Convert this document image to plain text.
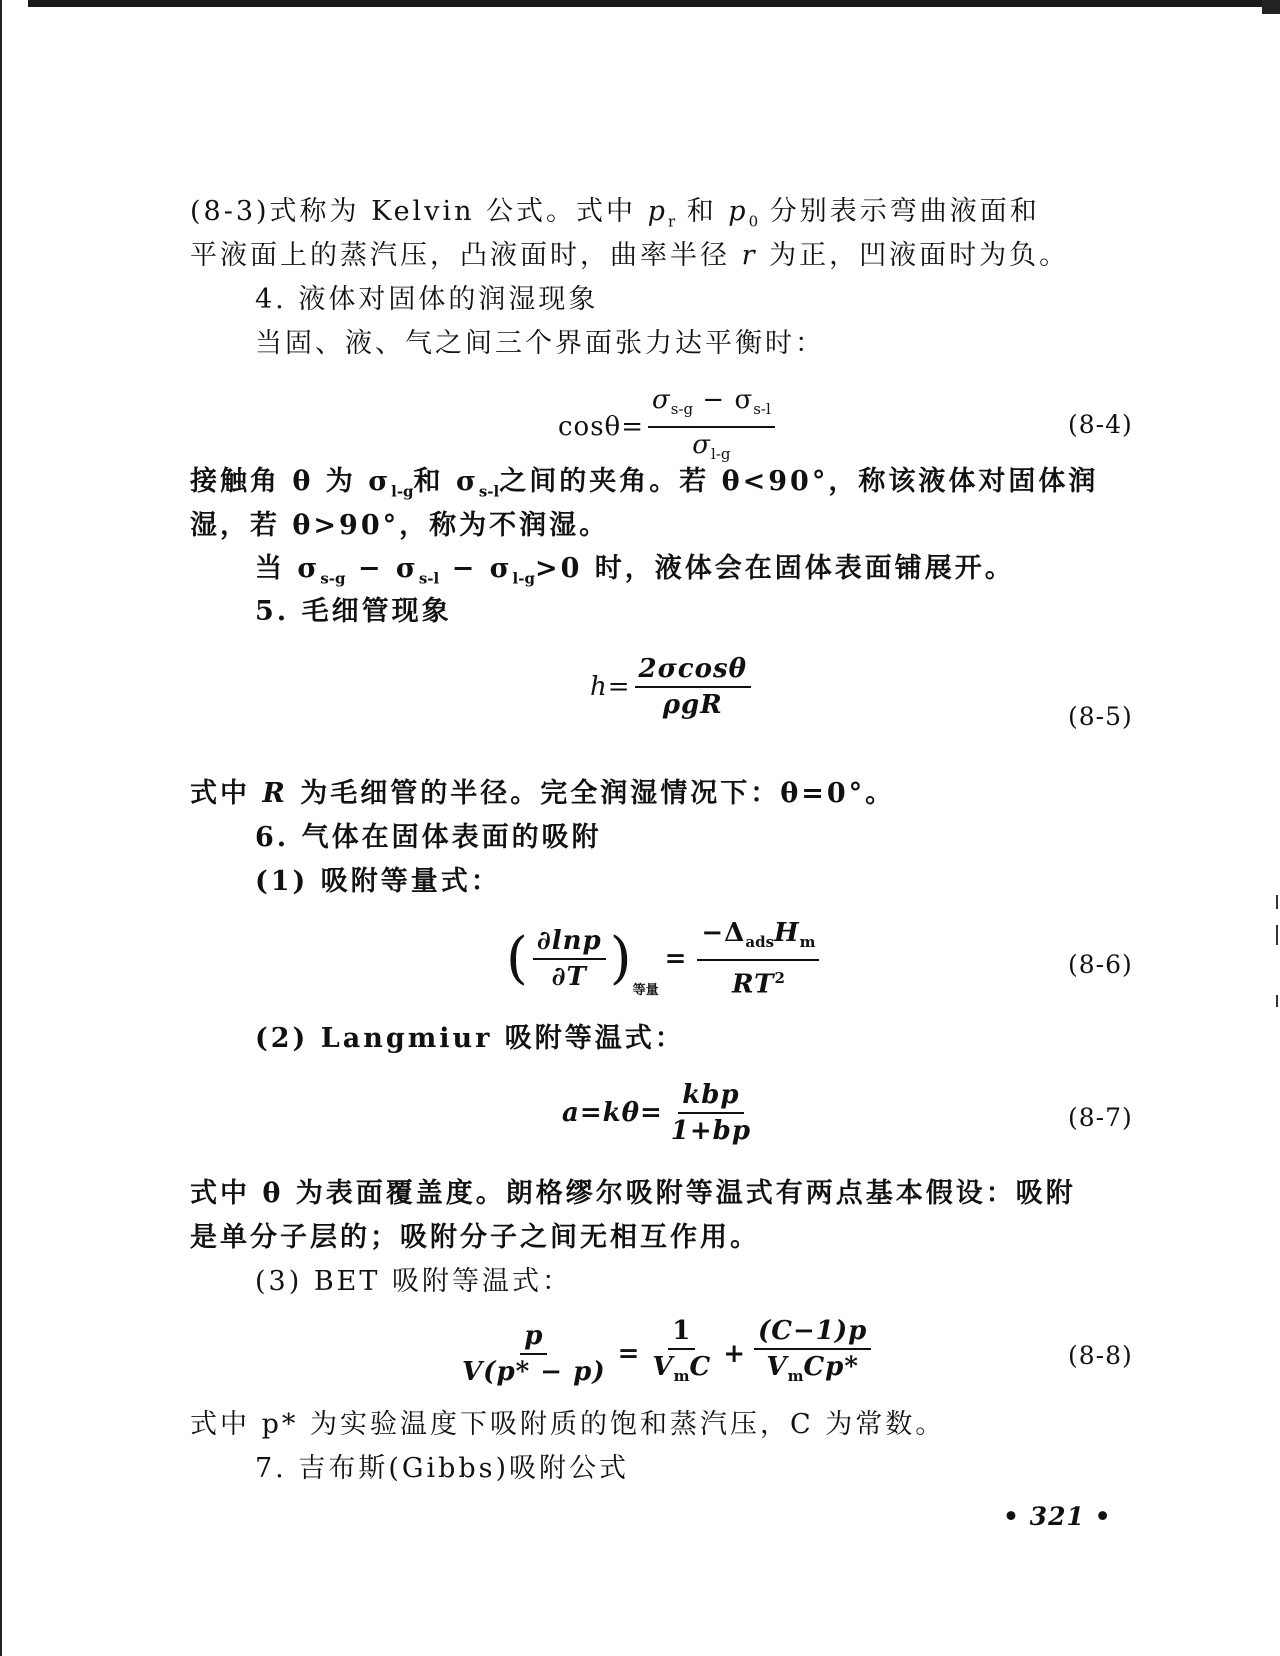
(8-3)式称为 Kelvin 公式。式中 $p_r$ 和 $p_0$ 分别表示弯曲液面和
平液面上的蒸汽压，凸液面时，曲率半径 r 为正，凹液面时为负。
4. 液体对固体的润湿现象
当固、液、气之间三个界面张力达平衡时：
$\cos\theta= \frac{\sigma_{s-g} - \sigma_{s-l}}{\sigma_{l-g}}$	(8-4)
接触角 θ 为 $\sigma_{l-g}$和 $\sigma_{s-l}$之间的夹角。若 θ<90°，称该液体对固体润
湿，若 θ>90°，称为不润湿。
当 $\sigma_{s-g} - \sigma_{s-l} - \sigma_{l-g}>0$ 时，液体会在固体表面铺展开。
5. 毛细管现象
$h= \frac{2\sigma\cos\theta}{\text{ρgR}}$	(8-5)
式中 R 为毛细管的半径。完全润湿情况下：θ=0°。
6. 气体在固体表面的吸附
(1) 吸附等量式：
( $\frac{\partial\ln p}{\partial T}$ ) 等量
= $\frac{-\Delta_{ads}H_m}{RT^2}$	(8-6)
(2) Langmiur 吸附等温式：
$a=k\theta= \frac{\text{kbp}}{1+bp}$	(8-7)
式中 θ 为表面覆盖度。朗格缪尔吸附等温式有两点基本假设：吸附
是单分子层的；吸附分子之间无相互作用。
(3) BET 吸附等温式：
$\frac{p}{V(p* - p)} = \frac{1}{V_mC} + \frac{(C-1)p}{V_mCp*}$	(8-8)
式中 p* 为实验温度下吸附质的饱和蒸汽压，C 为常数。
7. 吉布斯(Gibbs)吸附公式
• 321 •
